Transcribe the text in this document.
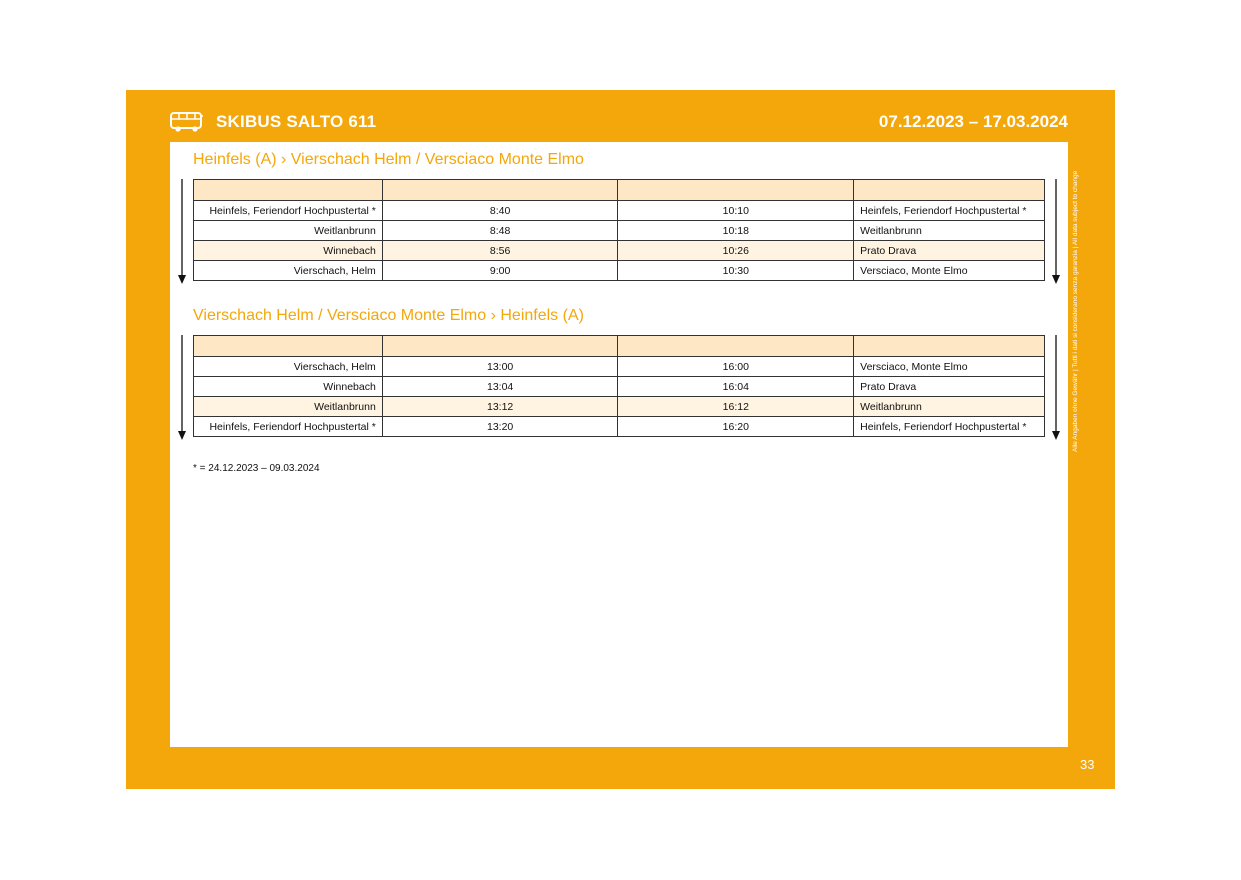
SKIBUS SALTO 611	07.12.2023 – 17.03.2024
Alle Angaben ohne Gewähr | Tutti i dati si considerano senza garanzia | All data subject to change
Heinfels (A) › Vierschach Helm / Versciaco Monte Elmo

Heinfels, Feriendorf Hochpustertal *	8:40	10:10	Heinfels, Feriendorf Hochpustertal *
Weitlanbrunn	8:48	10:18	Weitlanbrunn
Winnebach	8:56	10:26	Prato Drava
Vierschach, Helm	9:00	10:30	Versciaco, Monte Elmo
Vierschach Helm / Versciaco Monte Elmo › Heinfels (A)

Vierschach, Helm	13:00	16:00	Versciaco, Monte Elmo
Winnebach	13:04	16:04	Prato Drava
Weitlanbrunn	13:12	16:12	Weitlanbrunn
Heinfels, Feriendorf Hochpustertal *	13:20	16:20	Heinfels, Feriendorf Hochpustertal *
* = 24.12.2023 – 09.03.2024
33
